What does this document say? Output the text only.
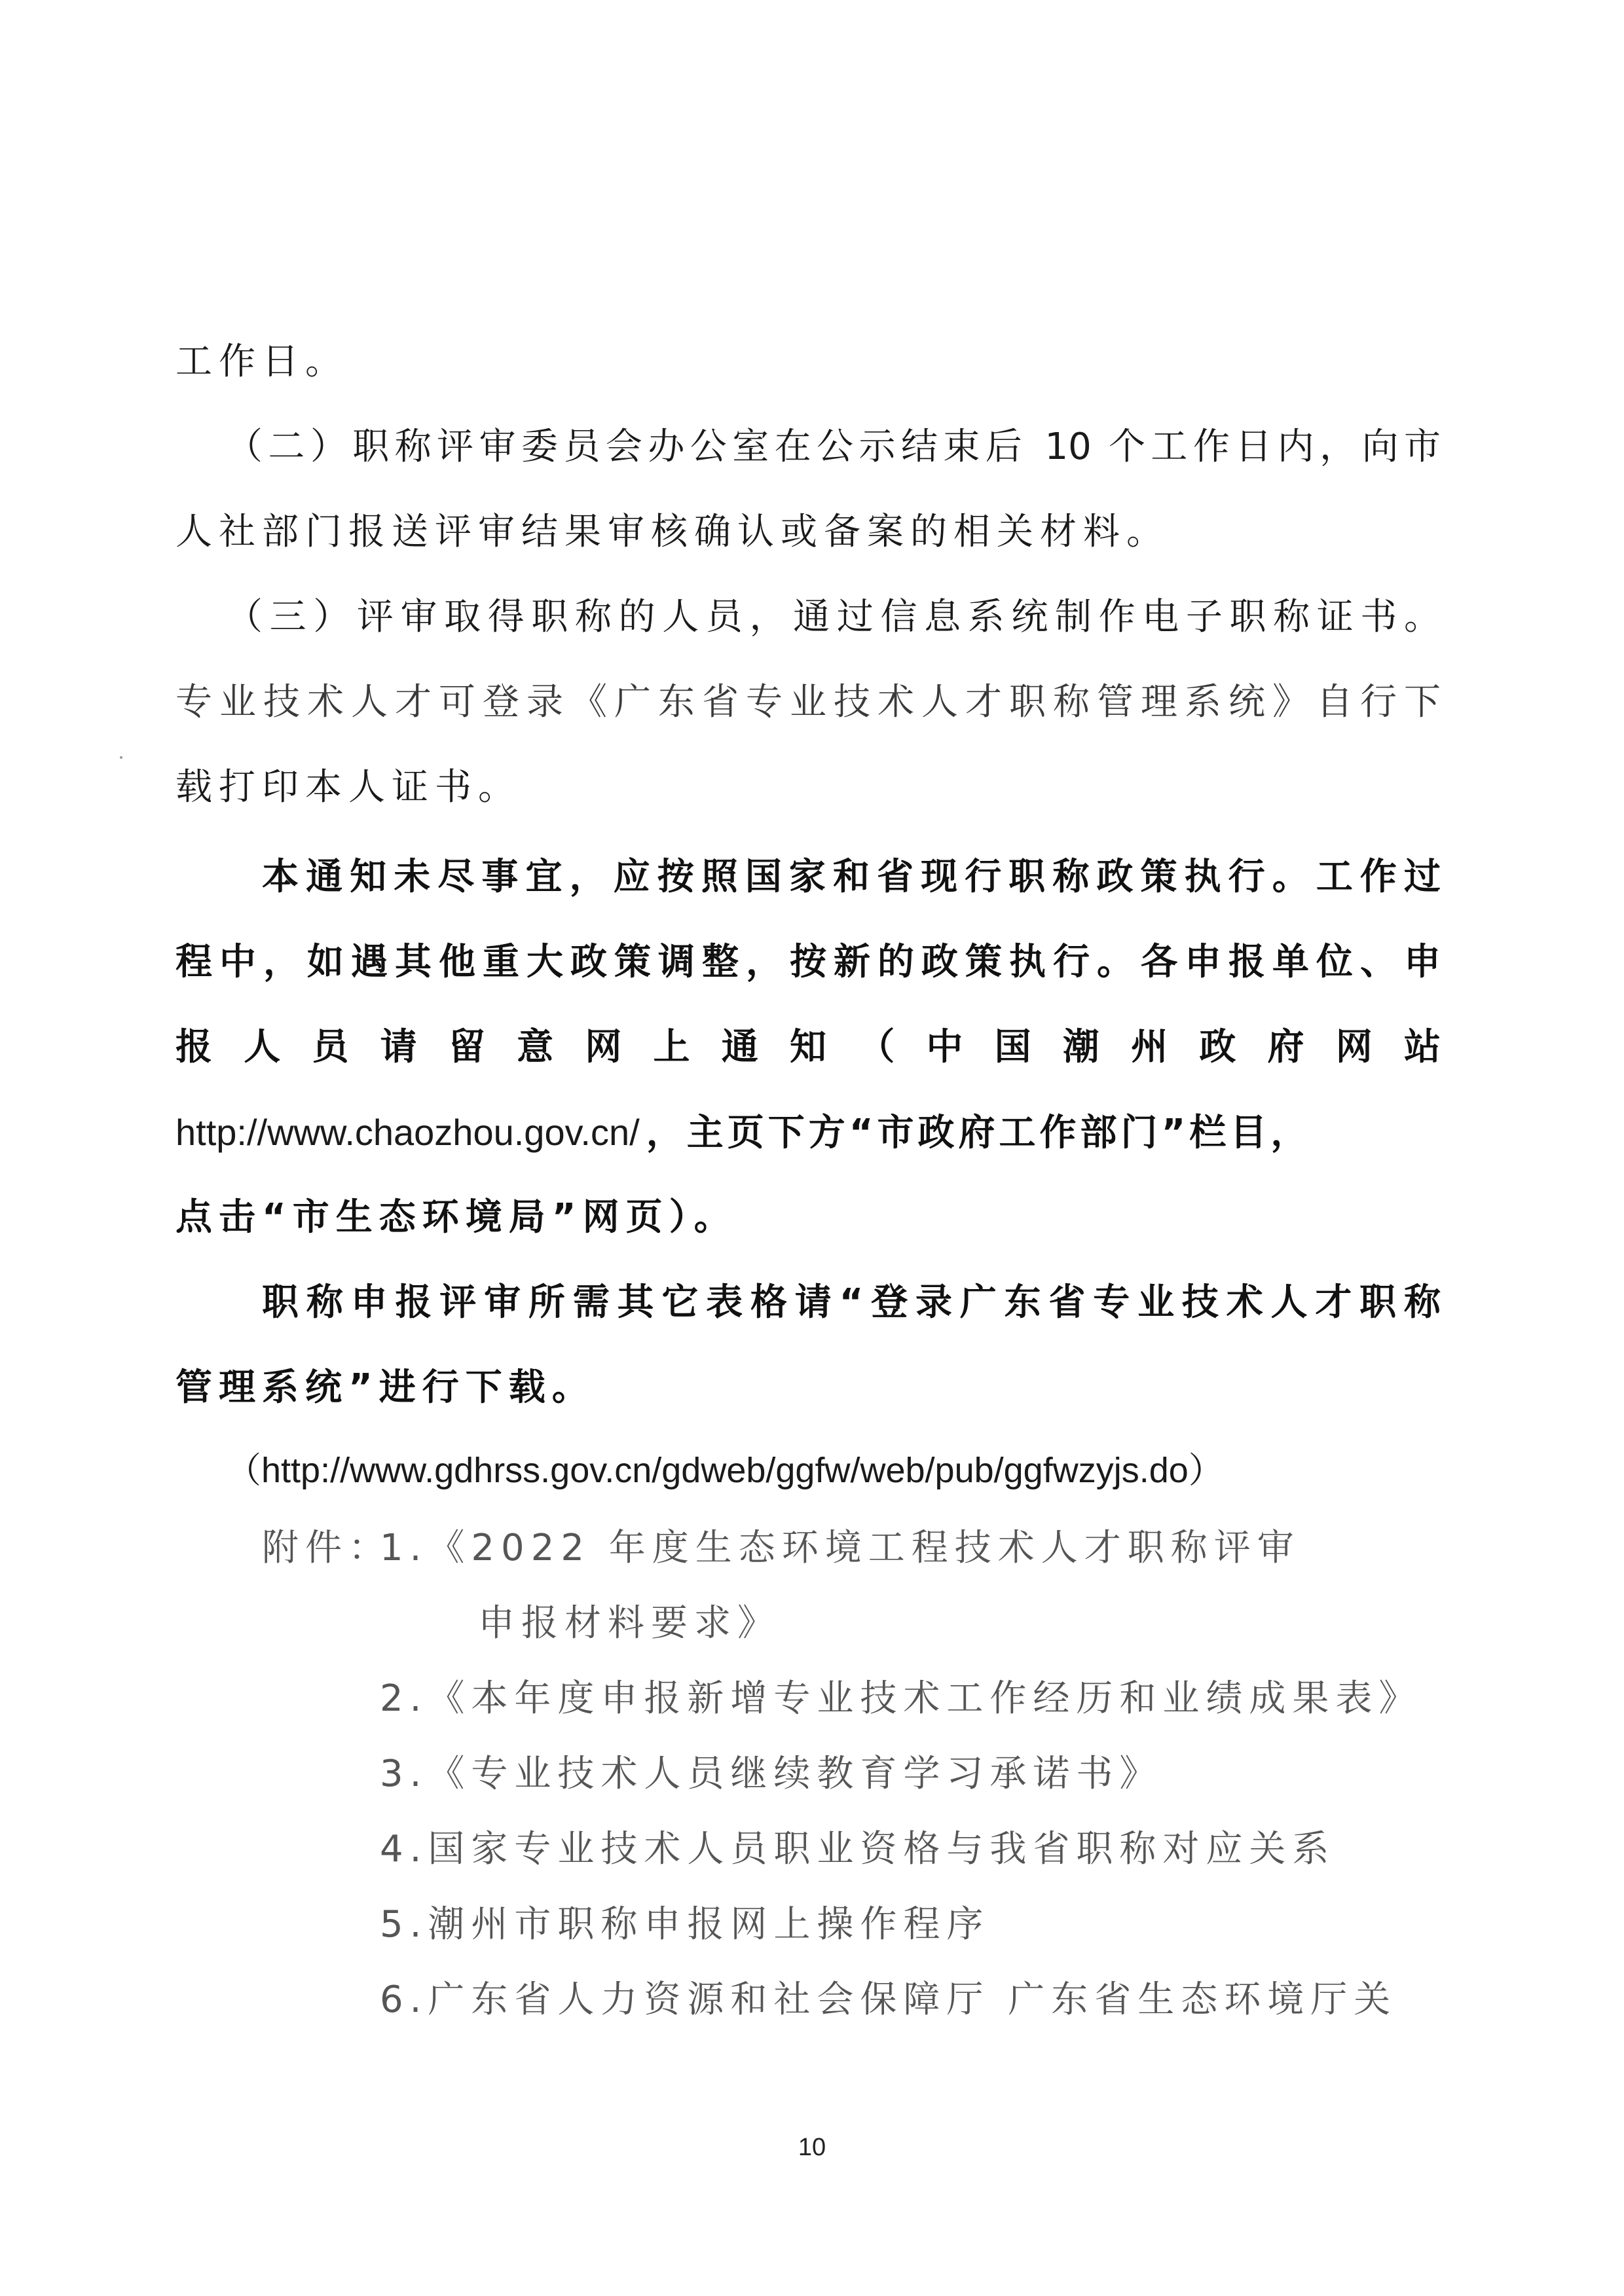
工作日。
（二）职称评审委员会办公室在公示结束后 10 个工作日内，向市
人社部门报送评审结果审核确认或备案的相关材料。
（三）评审取得职称的人员，通过信息系统制作电子职称证书。
专业技术人才可登录《广东省专业技术人才职称管理系统》自行下
载打印本人证书。
本通知未尽事宜，应按照国家和省现行职称政策执行。工作过
程中，如遇其他重大政策调整，按新的政策执行。各申报单位、申
报人员请留意网上通知（中国潮州政府网站
http://www.chaozhou.gov.cn/ ，主页下方“市政府工作部门”栏目，
点击“市生态环境局”网页）。
职称申报评审所需其它表格请“登录广东省专业技术人才职称
管理系统”进行下载。
（http://www.gdhrss.gov.cn/gdweb/ggfw/web/pub/ggfwzyjs.do）
附件：
1.《2022 年度生态环境工程技术人才职称评审
申报材料要求》
2.《本年度申报新增专业技术工作经历和业绩成果表》
3.《专业技术人员继续教育学习承诺书》
4.国家专业技术人员职业资格与我省职称对应关系
5.潮州市职称申报网上操作程序
6.广东省人力资源和社会保障厅 广东省生态环境厅关
10
